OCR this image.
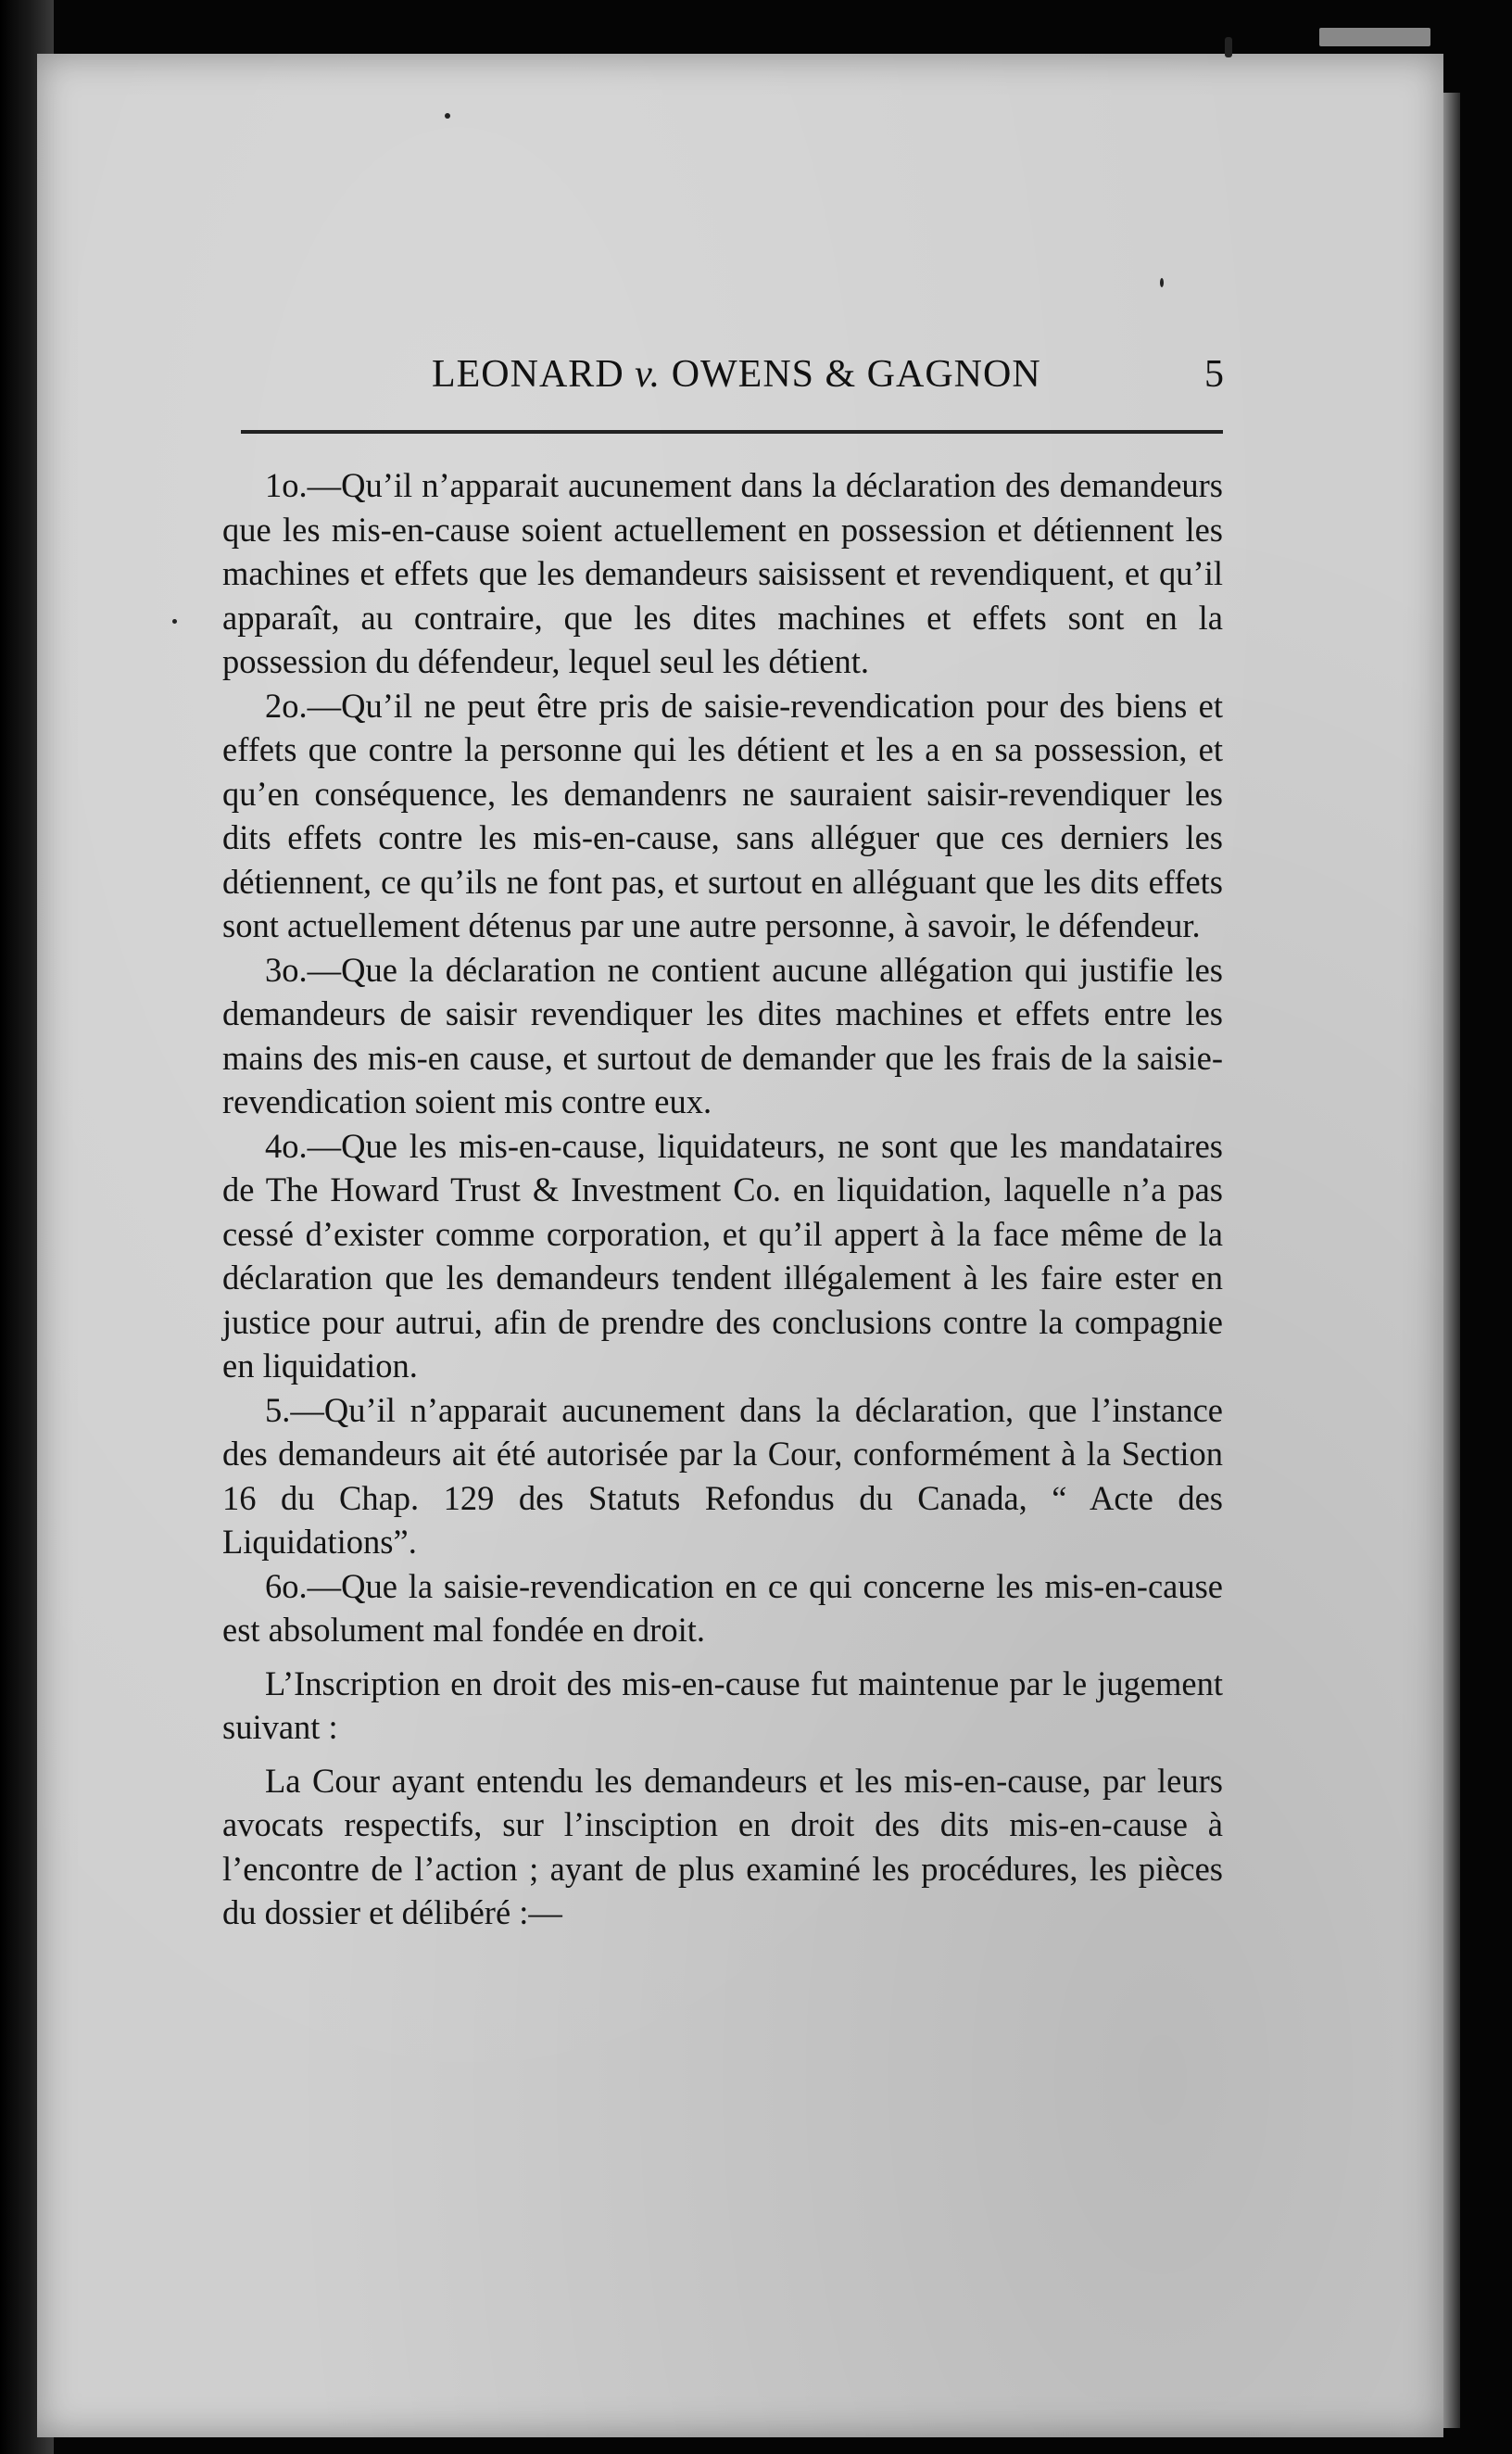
LEONARD v. OWENS & GAGNON	5

1o.—Qu’il n’apparait aucunement dans la déclaration des demandeurs que les mis-en-cause soient actuellement en possession et détiennent les machines et effets que les demandeurs saisissent et revendiquent, et qu’il apparaît, au contraire, que les dites machines et effets sont en la possession du défendeur, lequel seul les détient.

2o.—Qu’il ne peut être pris de saisie-revendication pour des biens et effets que contre la personne qui les détient et les a en sa possession, et qu’en conséquence, les demandenrs ne sauraient saisir-revendiquer les dits effets contre les mis-en-cause, sans alléguer que ces derniers les détiennent, ce qu’ils ne font pas, et surtout en alléguant que les dits effets sont actuellement détenus par une autre personne, à savoir, le défendeur.

3o.—Que la déclaration ne contient aucune allégation qui justifie les demandeurs de saisir revendiquer les dites machines et effets entre les mains des mis-en cause, et surtout de demander que les frais de la saisie-revendication soient mis contre eux.

4o.—Que les mis-en-cause, liquidateurs, ne sont que les mandataires de The Howard Trust & Investment Co. en liquidation, laquelle n’a pas cessé d’exister comme corporation, et qu’il appert à la face même de la déclaration que les demandeurs tendent illégalement à les faire ester en justice pour autrui, afin de prendre des conclusions contre la compagnie en liquidation.

5.—Qu’il n’apparait aucunement dans la déclaration, que l’instance des demandeurs ait été autorisée par la Cour, conformément à la Section 16 du Chap. 129 des Statuts Refondus du Canada, “ Acte des Liquidations”.

6o.—Que la saisie-revendication en ce qui concerne les mis-en-cause est absolument mal fondée en droit.

L’Inscription en droit des mis-en-cause fut maintenue par le jugement suivant :

La Cour ayant entendu les demandeurs et les mis-en-cause, par leurs avocats respectifs, sur l’insciption en droit des dits mis-en-cause à l’encontre de l’action ; ayant de plus examiné les procédures, les pièces du dossier et délibéré :—
